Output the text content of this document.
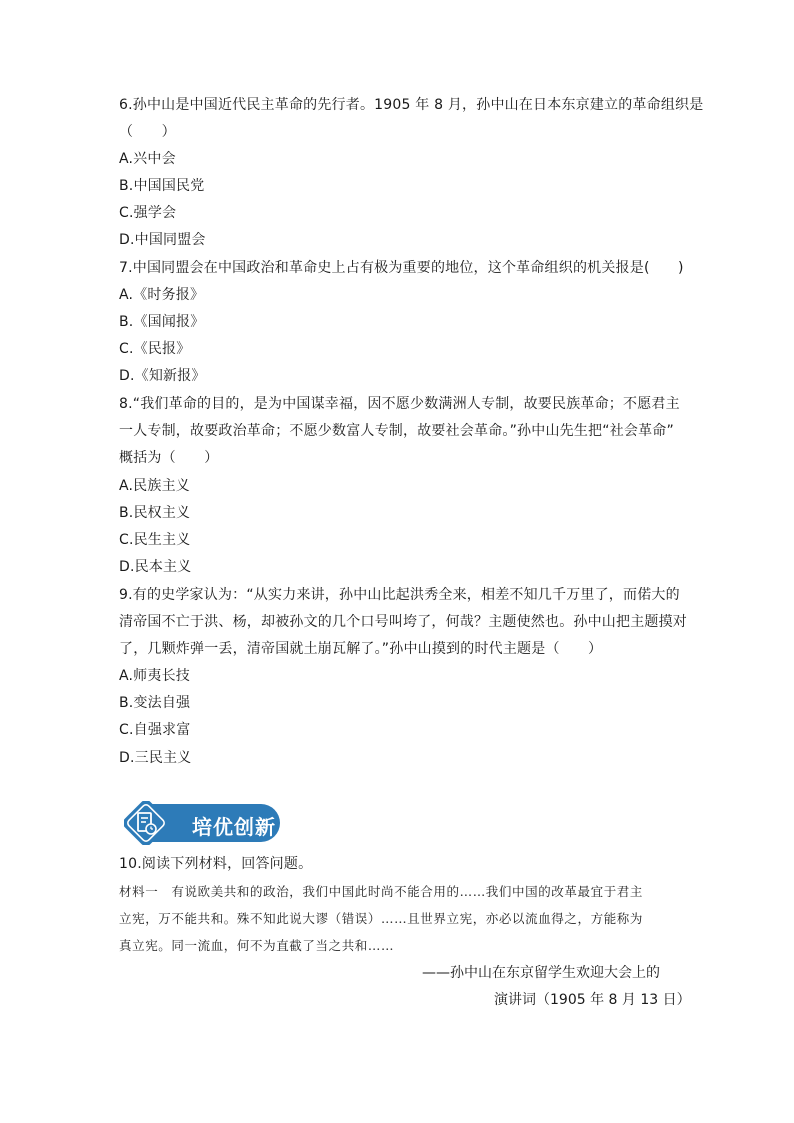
6.孙中山是中国近代民主革命的先行者。1905 年 8 月，孙中山在日本东京建立的革命组织是
（　　）
A.兴中会
B.中国国民党
C.强学会
D.中国同盟会
7.中国同盟会在中国政治和革命史上占有极为重要的地位，这个革命组织的机关报是(　　)
A.《时务报》
B.《国闻报》
C.《民报》
D.《知新报》
8.“我们革命的目的，是为中国谋幸福，因不愿少数满洲人专制，故要民族革命；不愿君主
一人专制，故要政治革命；不愿少数富人专制，故要社会革命。”孙中山先生把“社会革命”
概括为（　　）
A.民族主义
B.民权主义
C.民生主义
D.民本主义
9.有的史学家认为：“从实力来讲，孙中山比起洪秀全来，相差不知几千万里了，而偌大的
清帝国不亡于洪、杨，却被孙文的几个口号叫垮了，何哉？主题使然也。孙中山把主题摸对
了，几颗炸弹一丢，清帝国就土崩瓦解了。”孙中山摸到的时代主题是（　　）
A.师夷长技
B.变法自强
C.自强求富
D.三民主义
培优创新
10.阅读下列材料，回答问题。
材料一　有说欧美共和的政治，我们中国此时尚不能合用的……我们中国的改革最宜于君主
立宪，万不能共和。殊不知此说大谬（错误）……且世界立宪，亦必以流血得之，方能称为
真立宪。同一流血，何不为直截了当之共和……
——孙中山在东京留学生欢迎大会上的
演讲词（1905 年 8 月 13 日）
